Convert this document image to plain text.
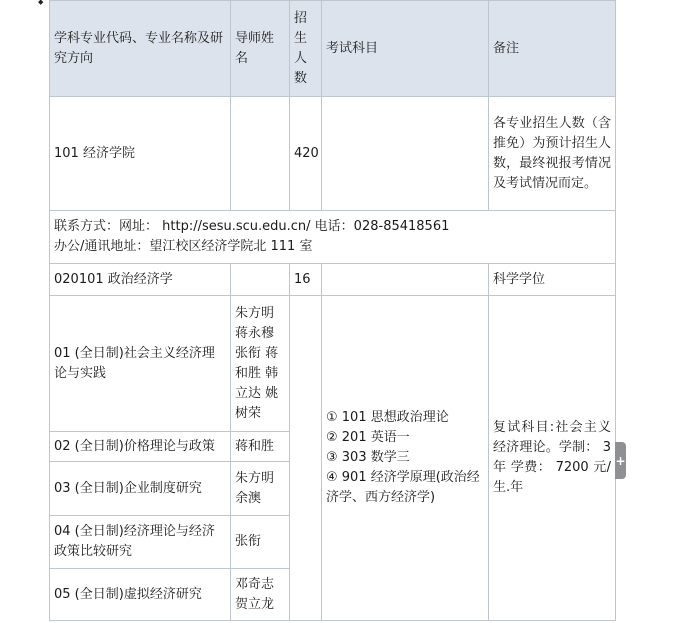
◆
学科专业代码、专业名称及研究方向	导师姓名	招生人数	考试科目	备注
101 经济学院		420		各专业招生人数（含推免）为预计招生人数，最终视报考情况及考试情况而定。

联系方式：网址： http://sesu.scu.edu.cn/ 电话：028-85418561
办公/通讯地址：望江校区经济学院北 111 室				

020101 政治经济学		16		科学学位
01 (全日制)社会主义经济理论与实践	朱方明 蒋永穆 张衔 蒋和胜 韩立达 姚树荣		① 101 思想政治理论
② 201 英语一
③ 303 数学三
④ 901 经济学原理(政治经济学、西方经济学)	复试科目:社会主义经济理论。学制： 3 年 学费： 7200 元/生.年
02 (全日制)价格理论与政策	蒋和胜			
03 (全日制)企业制度研究	朱方明 余澳			
04 (全日制)经济理论与经济政策比较研究	张衔			
05 (全日制)虚拟经济研究	邓奇志 贺立龙			
+
